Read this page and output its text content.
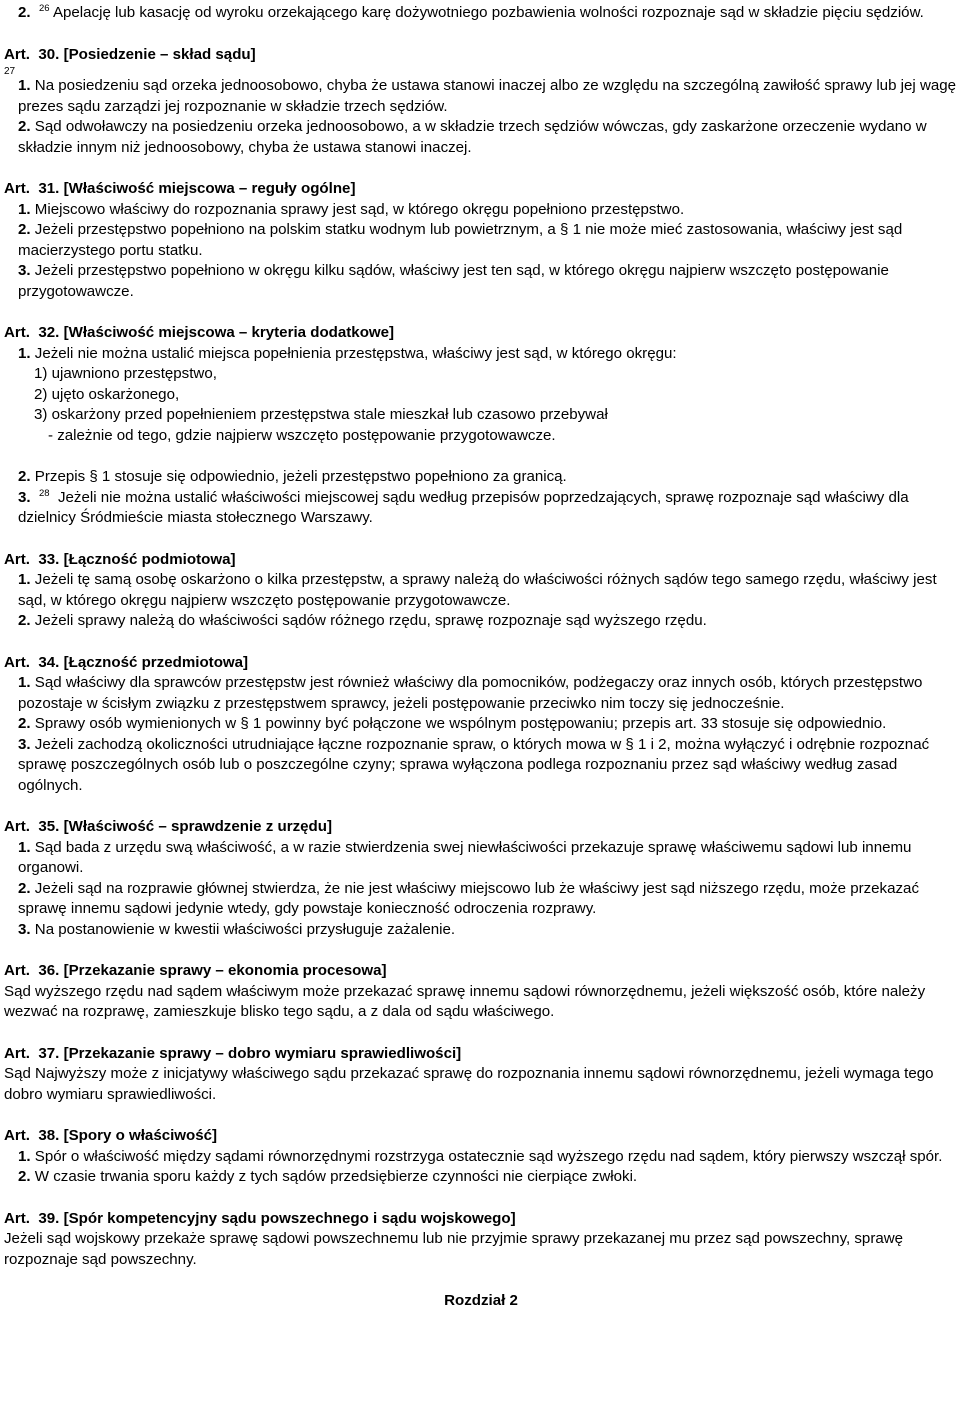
2. $^{26}$ Apelację lub kasację od wyroku orzekającego karę dożywotniego pozbawienia wolności rozpoznaje sąd w składzie pięciu sędziów.

Art. 30. [Posiedzenie – skład sądu]

27

1. Na posiedzeniu sąd orzeka jednoosobowo, chyba że ustawa stanowi inaczej albo ze względu na szczególną zawiłość sprawy lub jej wagę prezes sądu zarządzi jej rozpoznanie w składzie trzech sędziów.

2. Sąd odwoławczy na posiedzeniu orzeka jednoosobowo, a w składzie trzech sędziów wówczas, gdy zaskarżone orzeczenie wydano w składzie innym niż jednoosobowy, chyba że ustawa stanowi inaczej.

Art. 31. [Właściwość miejscowa – reguły ogólne]

1. Miejscowo właściwy do rozpoznania sprawy jest sąd, w którego okręgu popełniono przestępstwo.

2. Jeżeli przestępstwo popełniono na polskim statku wodnym lub powietrznym, a § 1 nie może mieć zastosowania, właściwy jest sąd macierzystego portu statku.

3. Jeżeli przestępstwo popełniono w okręgu kilku sądów, właściwy jest ten sąd, w którego okręgu najpierw wszczęto postępowanie przygotowawcze.

Art. 32. [Właściwość miejscowa – kryteria dodatkowe]

1. Jeżeli nie można ustalić miejsca popełnienia przestępstwa, właściwy jest sąd, w którego okręgu:

1) ujawniono przestępstwo,

2) ujęto oskarżonego,

3) oskarżony przed popełnieniem przestępstwa stale mieszkał lub czasowo przebywał

- zależnie od tego, gdzie najpierw wszczęto postępowanie przygotowawcze.

2. Przepis § 1 stosuje się odpowiednio, jeżeli przestępstwo popełniono za granicą.

3. $^{28}$ Jeżeli nie można ustalić właściwości miejscowej sądu według przepisów poprzedzających, sprawę rozpoznaje sąd właściwy dla dzielnicy Śródmieście miasta stołecznego Warszawy.

Art. 33. [Łączność podmiotowa]

1. Jeżeli tę samą osobę oskarżono o kilka przestępstw, a sprawy należą do właściwości różnych sądów tego samego rzędu, właściwy jest sąd, w którego okręgu najpierw wszczęto postępowanie przygotowawcze.

2. Jeżeli sprawy należą do właściwości sądów różnego rzędu, sprawę rozpoznaje sąd wyższego rzędu.

Art. 34. [Łączność przedmiotowa]

1. Sąd właściwy dla sprawców przestępstw jest również właściwy dla pomocników, podżegaczy oraz innych osób, których przestępstwo pozostaje w ścisłym związku z przestępstwem sprawcy, jeżeli postępowanie przeciwko nim toczy się jednocześnie.

2. Sprawy osób wymienionych w § 1 powinny być połączone we wspólnym postępowaniu; przepis art. 33 stosuje się odpowiednio.

3. Jeżeli zachodzą okoliczności utrudniające łączne rozpoznanie spraw, o których mowa w § 1 i 2, można wyłączyć i odrębnie rozpoznać sprawę poszczególnych osób lub o poszczególne czyny; sprawa wyłączona podlega rozpoznaniu przez sąd właściwy według zasad ogólnych.

Art. 35. [Właściwość – sprawdzenie z urzędu]

1. Sąd bada z urzędu swą właściwość, a w razie stwierdzenia swej niewłaściwości przekazuje sprawę właściwemu sądowi lub innemu organowi.

2. Jeżeli sąd na rozprawie głównej stwierdza, że nie jest właściwy miejscowo lub że właściwy jest sąd niższego rzędu, może przekazać sprawę innemu sądowi jedynie wtedy, gdy powstaje konieczność odroczenia rozprawy.

3. Na postanowienie w kwestii właściwości przysługuje zażalenie.

Art. 36. [Przekazanie sprawy – ekonomia procesowa]

Sąd wyższego rzędu nad sądem właściwym może przekazać sprawę innemu sądowi równorzędnemu, jeżeli większość osób, które należy wezwać na rozprawę, zamieszkuje blisko tego sądu, a z dala od sądu właściwego.

Art. 37. [Przekazanie sprawy – dobro wymiaru sprawiedliwości]

Sąd Najwyższy może z inicjatywy właściwego sądu przekazać sprawę do rozpoznania innemu sądowi równorzędnemu, jeżeli wymaga tego dobro wymiaru sprawiedliwości.

Art. 38. [Spory o właściwość]

1. Spór o właściwość między sądami równorzędnymi rozstrzyga ostatecznie sąd wyższego rzędu nad sądem, który pierwszy wszczął spór.

2. W czasie trwania sporu każdy z tych sądów przedsiębierze czynności nie cierpiące zwłoki.

Art. 39. [Spór kompetencyjny sądu powszechnego i sądu wojskowego]

Jeżeli sąd wojskowy przekaże sprawę sądowi powszechnemu lub nie przyjmie sprawy przekazanej mu przez sąd powszechny, sprawę rozpoznaje sąd powszechny.

Rozdział 2
